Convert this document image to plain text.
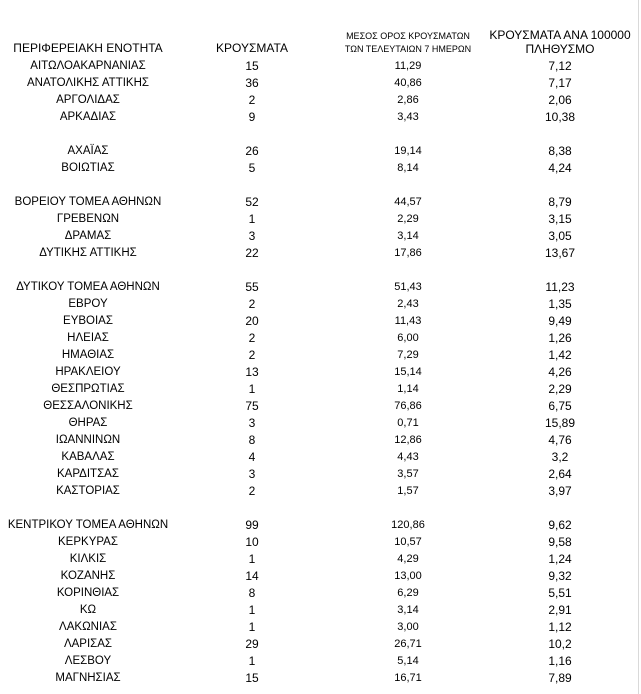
ΠΕΡΙΦΕΡΕΙΑΚΗ ΕΝΟΤΗΤΑ	ΚΡΟΥΣΜΑΤΑ
ΜΕΣΟΣ ΟΡΟΣ ΚΡΟΥΣΜΑΤΩΝ
ΤΩΝ ΤΕΛΕΥΤΑΙΩΝ 7 ΗΜΕΡΩΝ
ΚΡΟΥΣΜΑΤΑ ΑΝΑ 100000
ΠΛΗΘΥΣΜΟ
ΑΙΤΩΛΟΑΚΑΡΝΑΝΙΑΣ	15	11,29	7,12
ΑΝΑΤΟΛΙΚΗΣ ΑΤΤΙΚΗΣ	36	40,86	7,17
ΑΡΓΟΛΙΔΑΣ	2	2,86	2,06
ΑΡΚΑΔΙΑΣ	9	3,43	10,38
ΑΧΑΪΑΣ	26	19,14	8,38
ΒΟΙΩΤΙΑΣ	5	8,14	4,24
ΒΟΡΕΙΟΥ ΤΟΜΕΑ ΑΘΗΝΩΝ	52	44,57	8,79
ΓΡΕΒΕΝΩΝ	1	2,29	3,15
ΔΡΑΜΑΣ	3	3,14	3,05
ΔΥΤΙΚΗΣ ΑΤΤΙΚΗΣ	22	17,86	13,67
ΔΥΤΙΚΟΥ ΤΟΜΕΑ ΑΘΗΝΩΝ	55	51,43	11,23
ΕΒΡΟΥ	2	2,43	1,35
ΕΥΒΟΙΑΣ	20	11,43	9,49
ΗΛΕΙΑΣ	2	6,00	1,26
ΗΜΑΘΙΑΣ	2	7,29	1,42
ΗΡΑΚΛΕΙΟΥ	13	15,14	4,26
ΘΕΣΠΡΩΤΙΑΣ	1	1,14	2,29
ΘΕΣΣΑΛΟΝΙΚΗΣ	75	76,86	6,75
ΘΗΡΑΣ	3	0,71	15,89
ΙΩΑΝΝΙΝΩΝ	8	12,86	4,76
ΚΑΒΑΛΑΣ	4	4,43	3,2
ΚΑΡΔΙΤΣΑΣ	3	3,57	2,64
ΚΑΣΤΟΡΙΑΣ	2	1,57	3,97
ΚΕΝΤΡΙΚΟΥ ΤΟΜΕΑ ΑΘΗΝΩΝ	99	120,86	9,62
ΚΕΡΚΥΡΑΣ	10	10,57	9,58
ΚΙΛΚΙΣ	1	4,29	1,24
ΚΟΖΑΝΗΣ	14	13,00	9,32
ΚΟΡΙΝΘΙΑΣ	8	6,29	5,51
ΚΩ	1	3,14	2,91
ΛΑΚΩΝΙΑΣ	1	3,00	1,12
ΛΑΡΙΣΑΣ	29	26,71	10,2
ΛΕΣΒΟΥ	1	5,14	1,16
ΜΑΓΝΗΣΙΑΣ	15	16,71	7,89
